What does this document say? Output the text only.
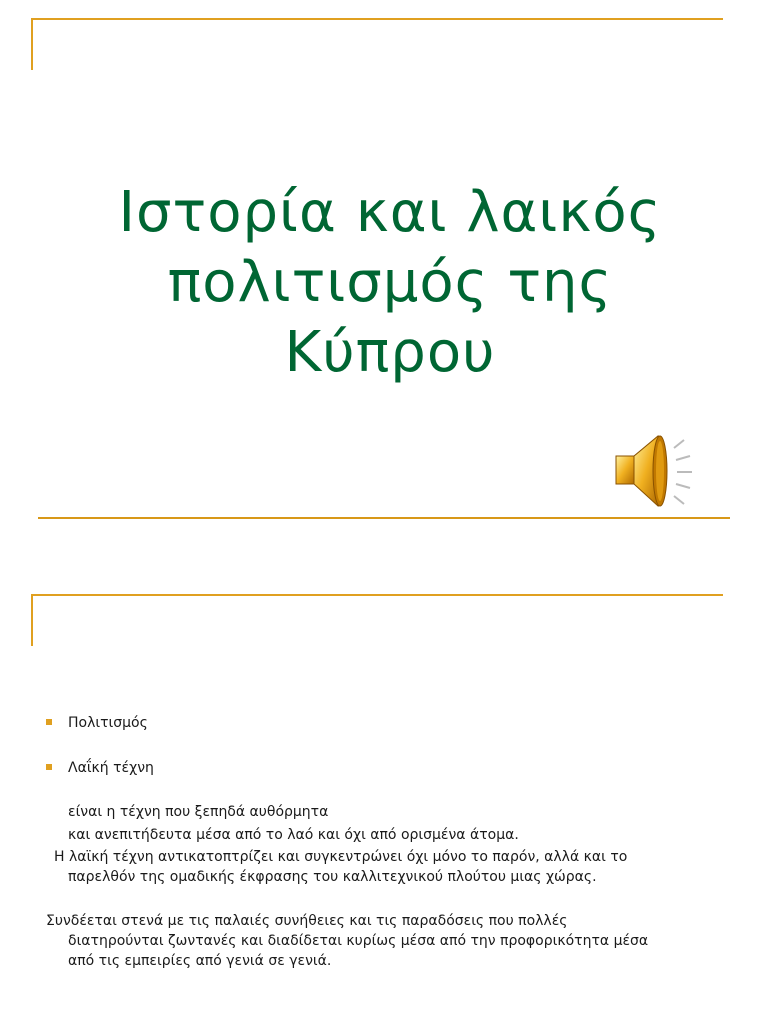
Ιστορία και λαικός
πολιτισμός της
Κύπρου
Πολιτισμός
Λαΐκή τέχνη
είναι η τέχνη που ξεπηδά αυθόρμητα
και ανεπιτήδευτα μέσα από το λαό και όχι από ορισμένα άτομα.
Η λαϊκή τέχνη αντικατοπτρίζει και συγκεντρώνει όχι μόνο το παρόν, αλλά και το
παρελθόν της ομαδικής έκφρασης του καλλιτεχνικού πλούτου μιας χώρας.
Συνδέεται στενά με τις παλαιές συνήθειες και τις παραδόσεις που πολλές
διατηρούνται ζωντανές και διαδίδεται κυρίως μέσα από την προφορικότητα μέσα
από τις εμπειρίες από γενιά σε γενιά.
